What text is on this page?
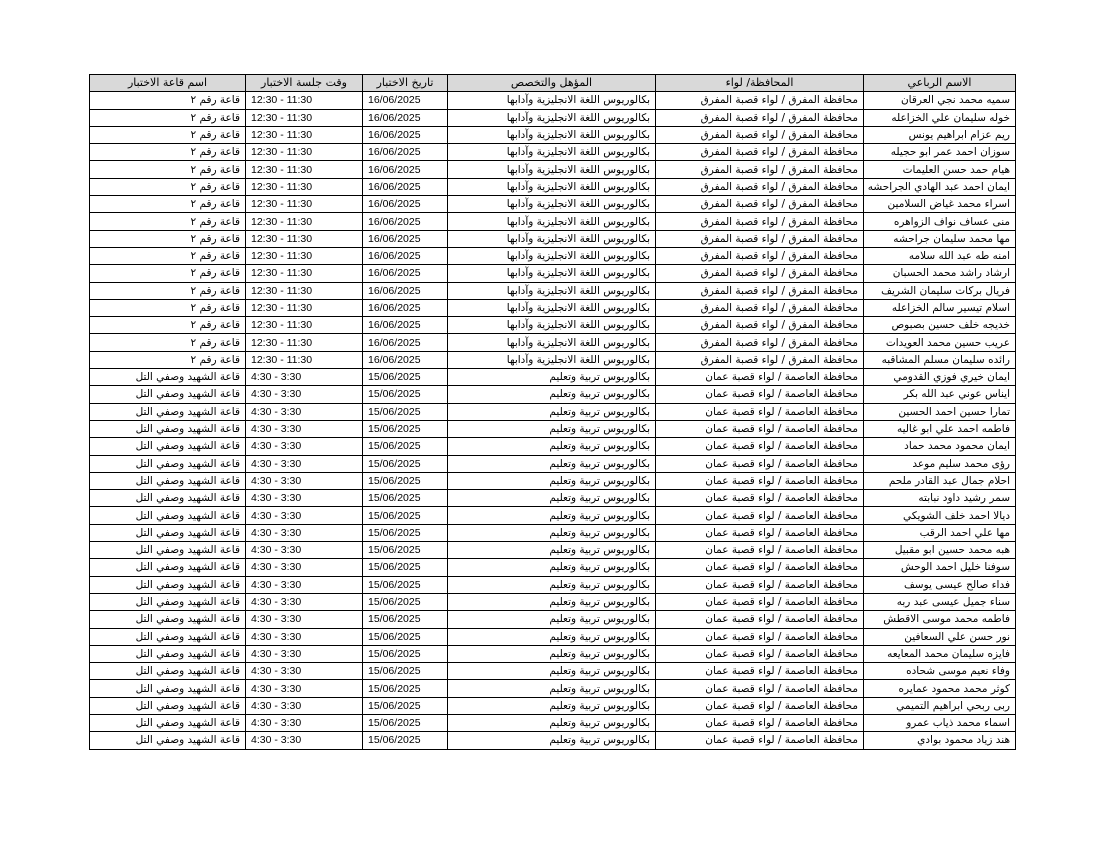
الاسم الرباعي	المحافظة/ لواء	المؤهل والتخصص	تاريخ الاختبار	وقت جلسة الاختبار	اسم قاعة الاختبار
سميه محمد نجي العرقان	محافظة المفرق / لواء قصبة المفرق	بكالوريوس اللغة الانجليزية وآدابها	16/06/2025	12:30 - 11:30	قاعة رقم ٢
خوله سليمان علي الخزاعله	محافظة المفرق / لواء قصبة المفرق	بكالوريوس اللغة الانجليزية وآدابها	16/06/2025	12:30 - 11:30	قاعة رقم ٢
ريم عزام ابراهيم يونس	محافظة المفرق / لواء قصبة المفرق	بكالوريوس اللغة الانجليزية وآدابها	16/06/2025	12:30 - 11:30	قاعة رقم ٢
سوزان احمد عمر ابو حجيله	محافظة المفرق / لواء قصبة المفرق	بكالوريوس اللغة الانجليزية وآدابها	16/06/2025	12:30 - 11:30	قاعة رقم ٢
هيام حمد حسن العليمات	محافظة المفرق / لواء قصبة المفرق	بكالوريوس اللغة الانجليزية وآدابها	16/06/2025	12:30 - 11:30	قاعة رقم ٢
ايمان احمد عبد الهادي الجراحشه	محافظة المفرق / لواء قصبة المفرق	بكالوريوس اللغة الانجليزية وآدابها	16/06/2025	12:30 - 11:30	قاعة رقم ٢
اسراء محمد غياض السلامين	محافظة المفرق / لواء قصبة المفرق	بكالوريوس اللغة الانجليزية وآدابها	16/06/2025	12:30 - 11:30	قاعة رقم ٢
منى عساف نواف الزواهره	محافظة المفرق / لواء قصبة المفرق	بكالوريوس اللغة الانجليزية وآدابها	16/06/2025	12:30 - 11:30	قاعة رقم ٢
مها محمد سليمان جراحشه	محافظة المفرق / لواء قصبة المفرق	بكالوريوس اللغة الانجليزية وآدابها	16/06/2025	12:30 - 11:30	قاعة رقم ٢
امنه طه عبد الله سلامه	محافظة المفرق / لواء قصبة المفرق	بكالوريوس اللغة الانجليزية وآدابها	16/06/2025	12:30 - 11:30	قاعة رقم ٢
ارشاد راشد محمد الحسبان	محافظة المفرق / لواء قصبة المفرق	بكالوريوس اللغة الانجليزية وآدابها	16/06/2025	12:30 - 11:30	قاعة رقم ٢
فريال بركات سليمان الشريف	محافظة المفرق / لواء قصبة المفرق	بكالوريوس اللغة الانجليزية وآدابها	16/06/2025	12:30 - 11:30	قاعة رقم ٢
اسلام تيسير سالم الخزاعله	محافظة المفرق / لواء قصبة المفرق	بكالوريوس اللغة الانجليزية وآدابها	16/06/2025	12:30 - 11:30	قاعة رقم ٢
خديجه خلف حسين بصبوص	محافظة المفرق / لواء قصبة المفرق	بكالوريوس اللغة الانجليزية وآدابها	16/06/2025	12:30 - 11:30	قاعة رقم ٢
عريب حسين محمد العويدات	محافظة المفرق / لواء قصبة المفرق	بكالوريوس اللغة الانجليزية وآدابها	16/06/2025	12:30 - 11:30	قاعة رقم ٢
رائده سليمان مسلم المشاقبه	محافظة المفرق / لواء قصبة المفرق	بكالوريوس اللغة الانجليزية وآدابها	16/06/2025	12:30 - 11:30	قاعة رقم ٢
ايمان خيري فوزي القدومي	محافظة العاصمة / لواء قصبة عمان	بكالوريوس تربية وتعليم	15/06/2025	4:30 - 3:30	قاعة الشهيد وصفي التل
ايناس عوني عبد الله بكر	محافظة العاصمة / لواء قصبة عمان	بكالوريوس تربية وتعليم	15/06/2025	4:30 - 3:30	قاعة الشهيد وصفي التل
تمارا حسين احمد الحسين	محافظة العاصمة / لواء قصبة عمان	بكالوريوس تربية وتعليم	15/06/2025	4:30 - 3:30	قاعة الشهيد وصفي التل
فاطمه احمد علي ابو غاليه	محافظة العاصمة / لواء قصبة عمان	بكالوريوس تربية وتعليم	15/06/2025	4:30 - 3:30	قاعة الشهيد وصفي التل
ايمان محمود محمد حماد	محافظة العاصمة / لواء قصبة عمان	بكالوريوس تربية وتعليم	15/06/2025	4:30 - 3:30	قاعة الشهيد وصفي التل
رؤى محمد سليم موعد	محافظة العاصمة / لواء قصبة عمان	بكالوريوس تربية وتعليم	15/06/2025	4:30 - 3:30	قاعة الشهيد وصفي التل
احلام جمال عبد القادر ملحم	محافظة العاصمة / لواء قصبة عمان	بكالوريوس تربية وتعليم	15/06/2025	4:30 - 3:30	قاعة الشهيد وصفي التل
سمر رشيد داود نبابته	محافظة العاصمة / لواء قصبة عمان	بكالوريوس تربية وتعليم	15/06/2025	4:30 - 3:30	قاعة الشهيد وصفي التل
ديالا احمد خلف الشويكي	محافظة العاصمة / لواء قصبة عمان	بكالوريوس تربية وتعليم	15/06/2025	4:30 - 3:30	قاعة الشهيد وصفي التل
مها علي احمد الرقب	محافظة العاصمة / لواء قصبة عمان	بكالوريوس تربية وتعليم	15/06/2025	4:30 - 3:30	قاعة الشهيد وصفي التل
هبه محمد حسين ابو مقبيل	محافظة العاصمة / لواء قصبة عمان	بكالوريوس تربية وتعليم	15/06/2025	4:30 - 3:30	قاعة الشهيد وصفي التل
سوفنا خليل احمد الوحش	محافظة العاصمة / لواء قصبة عمان	بكالوريوس تربية وتعليم	15/06/2025	4:30 - 3:30	قاعة الشهيد وصفي التل
فداء صالح عيسى يوسف	محافظة العاصمة / لواء قصبة عمان	بكالوريوس تربية وتعليم	15/06/2025	4:30 - 3:30	قاعة الشهيد وصفي التل
سناء جميل عيسى عبد ربه	محافظة العاصمة / لواء قصبة عمان	بكالوريوس تربية وتعليم	15/06/2025	4:30 - 3:30	قاعة الشهيد وصفي التل
فاطمه محمد موسى الاقطش	محافظة العاصمة / لواء قصبة عمان	بكالوريوس تربية وتعليم	15/06/2025	4:30 - 3:30	قاعة الشهيد وصفي التل
نور حسن علي السعافين	محافظة العاصمة / لواء قصبة عمان	بكالوريوس تربية وتعليم	15/06/2025	4:30 - 3:30	قاعة الشهيد وصفي التل
فايزه سليمان محمد المعايعه	محافظة العاصمة / لواء قصبة عمان	بكالوريوس تربية وتعليم	15/06/2025	4:30 - 3:30	قاعة الشهيد وصفي التل
وفاء نعيم موسى شحاده	محافظة العاصمة / لواء قصبة عمان	بكالوريوس تربية وتعليم	15/06/2025	4:30 - 3:30	قاعة الشهيد وصفي التل
كوثر محمد محمود عمايره	محافظة العاصمة / لواء قصبة عمان	بكالوريوس تربية وتعليم	15/06/2025	4:30 - 3:30	قاعة الشهيد وصفي التل
ربى ربحي ابراهيم التميمي	محافظة العاصمة / لواء قصبة عمان	بكالوريوس تربية وتعليم	15/06/2025	4:30 - 3:30	قاعة الشهيد وصفي التل
اسماء محمد ذياب عمرو	محافظة العاصمة / لواء قصبة عمان	بكالوريوس تربية وتعليم	15/06/2025	4:30 - 3:30	قاعة الشهيد وصفي التل
هند زياد محمود بوادي	محافظة العاصمة / لواء قصبة عمان	بكالوريوس تربية وتعليم	15/06/2025	4:30 - 3:30	قاعة الشهيد وصفي التل
